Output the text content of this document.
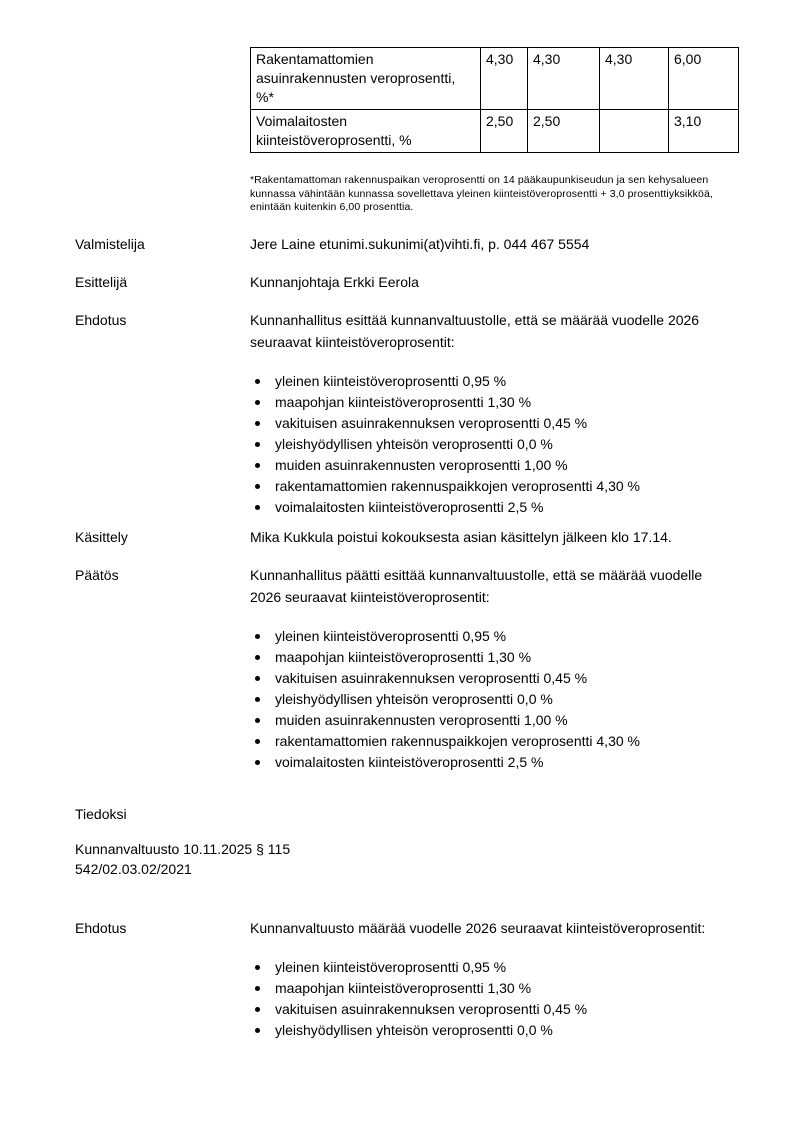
Rakentamattomien asuinrakennusten veroprosentti, %*	4,30	4,30	4,30	6,00
Voimalaitosten kiinteistöveroprosentti, %	2,50	2,50		3,10
*Rakentamattoman rakennuspaikan veroprosentti on 14 pääkaupunkiseudun ja sen kehysalueen kunnassa vähintään kunnassa sovellettava yleinen kiinteistöveroprosentti + 3,0 prosenttiyksikköä, enintään kuitenkin 6,00 prosenttia.
Valmistelija	Jere Laine etunimi.sukunimi(at)vihti.fi, p. 044 467 5554
Esittelijä	Kunnanjohtaja Erkki Eerola
Ehdotus	Kunnanhallitus esittää kunnanvaltuustolle, että se määrää vuodelle 2026 seuraavat kiinteistöveroprosentit:
yleinen kiinteistöveroprosentti 0,95 %
maapohjan kiinteistöveroprosentti 1,30 %
vakituisen asuinrakennuksen veroprosentti 0,45 %
yleishyödyllisen yhteisön veroprosentti 0,0 %
muiden asuinrakennusten veroprosentti 1,00 %
rakentamattomien rakennuspaikkojen veroprosentti 4,30 %
voimalaitosten kiinteistöveroprosentti 2,5 %
Käsittely	Mika Kukkula poistui kokouksesta asian käsittelyn jälkeen klo 17.14.
Päätös	Kunnanhallitus päätti esittää kunnanvaltuustolle, että se määrää vuodelle 2026 seuraavat kiinteistöveroprosentit:
yleinen kiinteistöveroprosentti 0,95 %
maapohjan kiinteistöveroprosentti 1,30 %
vakituisen asuinrakennuksen veroprosentti 0,45 %
yleishyödyllisen yhteisön veroprosentti 0,0 %
muiden asuinrakennusten veroprosentti 1,00 %
rakentamattomien rakennuspaikkojen veroprosentti 4,30 %
voimalaitosten kiinteistöveroprosentti 2,5 %
Tiedoksi
Kunnanvaltuusto 10.11.2025 § 115
542/02.03.02/2021
Ehdotus	Kunnanvaltuusto määrää vuodelle 2026 seuraavat kiinteistöveroprosentit:
yleinen kiinteistöveroprosentti 0,95 %
maapohjan kiinteistöveroprosentti 1,30 %
vakituisen asuinrakennuksen veroprosentti 0,45 %
yleishyödyllisen yhteisön veroprosentti 0,0 %
